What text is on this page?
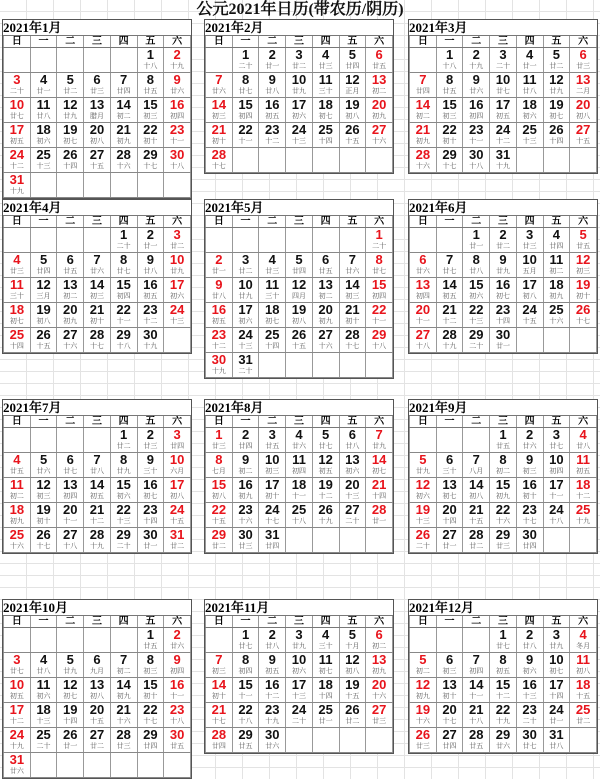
公元2021年日历(带农历/阴历)
2021年1月
日	一	二	三	四	五	六
					1	2
					十八	十九
3	4	5	6	7	8	9
二十	廿一	廿二	廿三	廿四	廿五	廿六
10	11	12	13	14	15	16
廿七	廿八	廿九	腊月	初二	初三	初四
17	18	19	20	21	22	23
初五	初六	初七	初八	初九	初十	十一
24	25	26	27	28	29	30
十二	十三	十四	十五	十六	十七	十八
31						
十九						
2021年2月
日	一	二	三	四	五	六
	1	2	3	4	5	6
	二十	廿一	廿二	廿三	廿四	廿五
7	8	9	10	11	12	13
廿六	廿七	廿八	廿九	三十	正月	初二
14	15	16	17	18	19	20
初三	初四	初五	初六	初七	初八	初九
21	22	23	24	25	26	27
初十	十一	十二	十三	十四	十五	十六
28						
十七						
2021年3月
日	一	二	三	四	五	六
	1	2	3	4	5	6
	十八	十九	二十	廿一	廿二	廿三
7	8	9	10	11	12	13
廿四	廿五	廿六	廿七	廿八	廿九	二月
14	15	16	17	18	19	20
初二	初三	初四	初五	初六	初七	初八
21	22	23	24	25	26	27
初九	初十	十一	十二	十三	十四	十五
28	29	30	31			
十六	十七	十八	十九			
2021年4月
日	一	二	三	四	五	六
				1	2	3
				二十	廿一	廿二
4	5	6	7	8	9	10
廿三	廿四	廿五	廿六	廿七	廿八	廿九
11	12	13	14	15	16	17
三十	三月	初二	初三	初四	初五	初六
18	19	20	21	22	23	24
初七	初八	初九	初十	十一	十二	十三
25	26	27	28	29	30	
十四	十五	十六	十七	十八	十九	
2021年5月
日	一	二	三	四	五	六
						1
						二十
2	3	4	5	6	7	8
廿一	廿二	廿三	廿四	廿五	廿六	廿七
9	10	11	12	13	14	15
廿八	廿九	三十	四月	初二	初三	初四
16	17	18	19	20	21	22
初五	初六	初七	初八	初九	初十	十一
23	24	25	26	27	28	29
十二	十三	十四	十五	十六	十七	十八
30	31					
十九	二十					
2021年6月
日	一	二	三	四	五	六
		1	2	3	4	5
		廿一	廿二	廿三	廿四	廿五
6	7	8	9	10	11	12
廿六	廿七	廿八	廿九	五月	初二	初三
13	14	15	16	17	18	19
初四	初五	初六	初七	初八	初九	初十
20	21	22	23	24	25	26
十一	十二	十三	十四	十五	十六	十七
27	28	29	30			
十八	十九	二十	廿一			
2021年7月
日	一	二	三	四	五	六
				1	2	3
				廿二	廿三	廿四
4	5	6	7	8	9	10
廿五	廿六	廿七	廿八	廿九	三十	六月
11	12	13	14	15	16	17
初二	初三	初四	初五	初六	初七	初八
18	19	20	21	22	23	24
初九	初十	十一	十二	十三	十四	十五
25	26	27	28	29	30	31
十六	十七	十八	十九	二十	廿一	廿二
2021年8月
日	一	二	三	四	五	六
1	2	3	4	5	6	7
廿三	廿四	廿五	廿六	廿七	廿八	廿九
8	9	10	11	12	13	14
七月	初二	初三	初四	初五	初六	初七
15	16	17	18	19	20	21
初八	初九	初十	十一	十二	十三	十四
22	23	24	25	26	27	28
十五	十六	十七	十八	十九	二十	廿一
29	30	31				
廿二	廿三	廿四				
2021年9月
日	一	二	三	四	五	六
			1	2	3	4
			廿五	廿六	廿七	廿八
5	6	7	8	9	10	11
廿九	三十	八月	初二	初三	初四	初五
12	13	14	15	16	17	18
初六	初七	初八	初九	初十	十一	十二
19	20	21	22	23	24	25
十三	十四	十五	十六	十七	十八	十九
26	27	28	29	30		
二十	廿一	廿二	廿三	廿四		
2021年10月
日	一	二	三	四	五	六
					1	2
					廿五	廿六
3	4	5	6	7	8	9
廿七	廿八	廿九	九月	初二	初三	初四
10	11	12	13	14	15	16
初五	初六	初七	初八	初九	初十	十一
17	18	19	20	21	22	23
十二	十三	十四	十五	十六	十七	十八
24	25	26	27	28	29	30
十九	二十	廿一	廿二	廿三	廿四	廿五
31						
廿六						
2021年11月
日	一	二	三	四	五	六
	1	2	3	4	5	6
	廿七	廿八	廿九	三十	十月	初二
7	8	9	10	11	12	13
初三	初四	初五	初六	初七	初八	初九
14	15	16	17	18	19	20
初十	十一	十二	十三	十四	十五	十六
21	22	23	24	25	26	27
十七	十八	十九	二十	廿一	廿二	廿三
28	29	30				
廿四	廿五	廿六				
2021年12月
日	一	二	三	四	五	六
			1	2	3	4
			廿七	廿八	廿九	冬月
5	6	7	8	9	10	11
初二	初三	初四	初五	初六	初七	初八
12	13	14	15	16	17	18
初九	初十	十一	十二	十三	十四	十五
19	20	21	22	23	24	25
十六	十七	十八	十九	二十	廿一	廿二
26	27	28	29	30	31	
廿三	廿四	廿五	廿六	廿七	廿八	
